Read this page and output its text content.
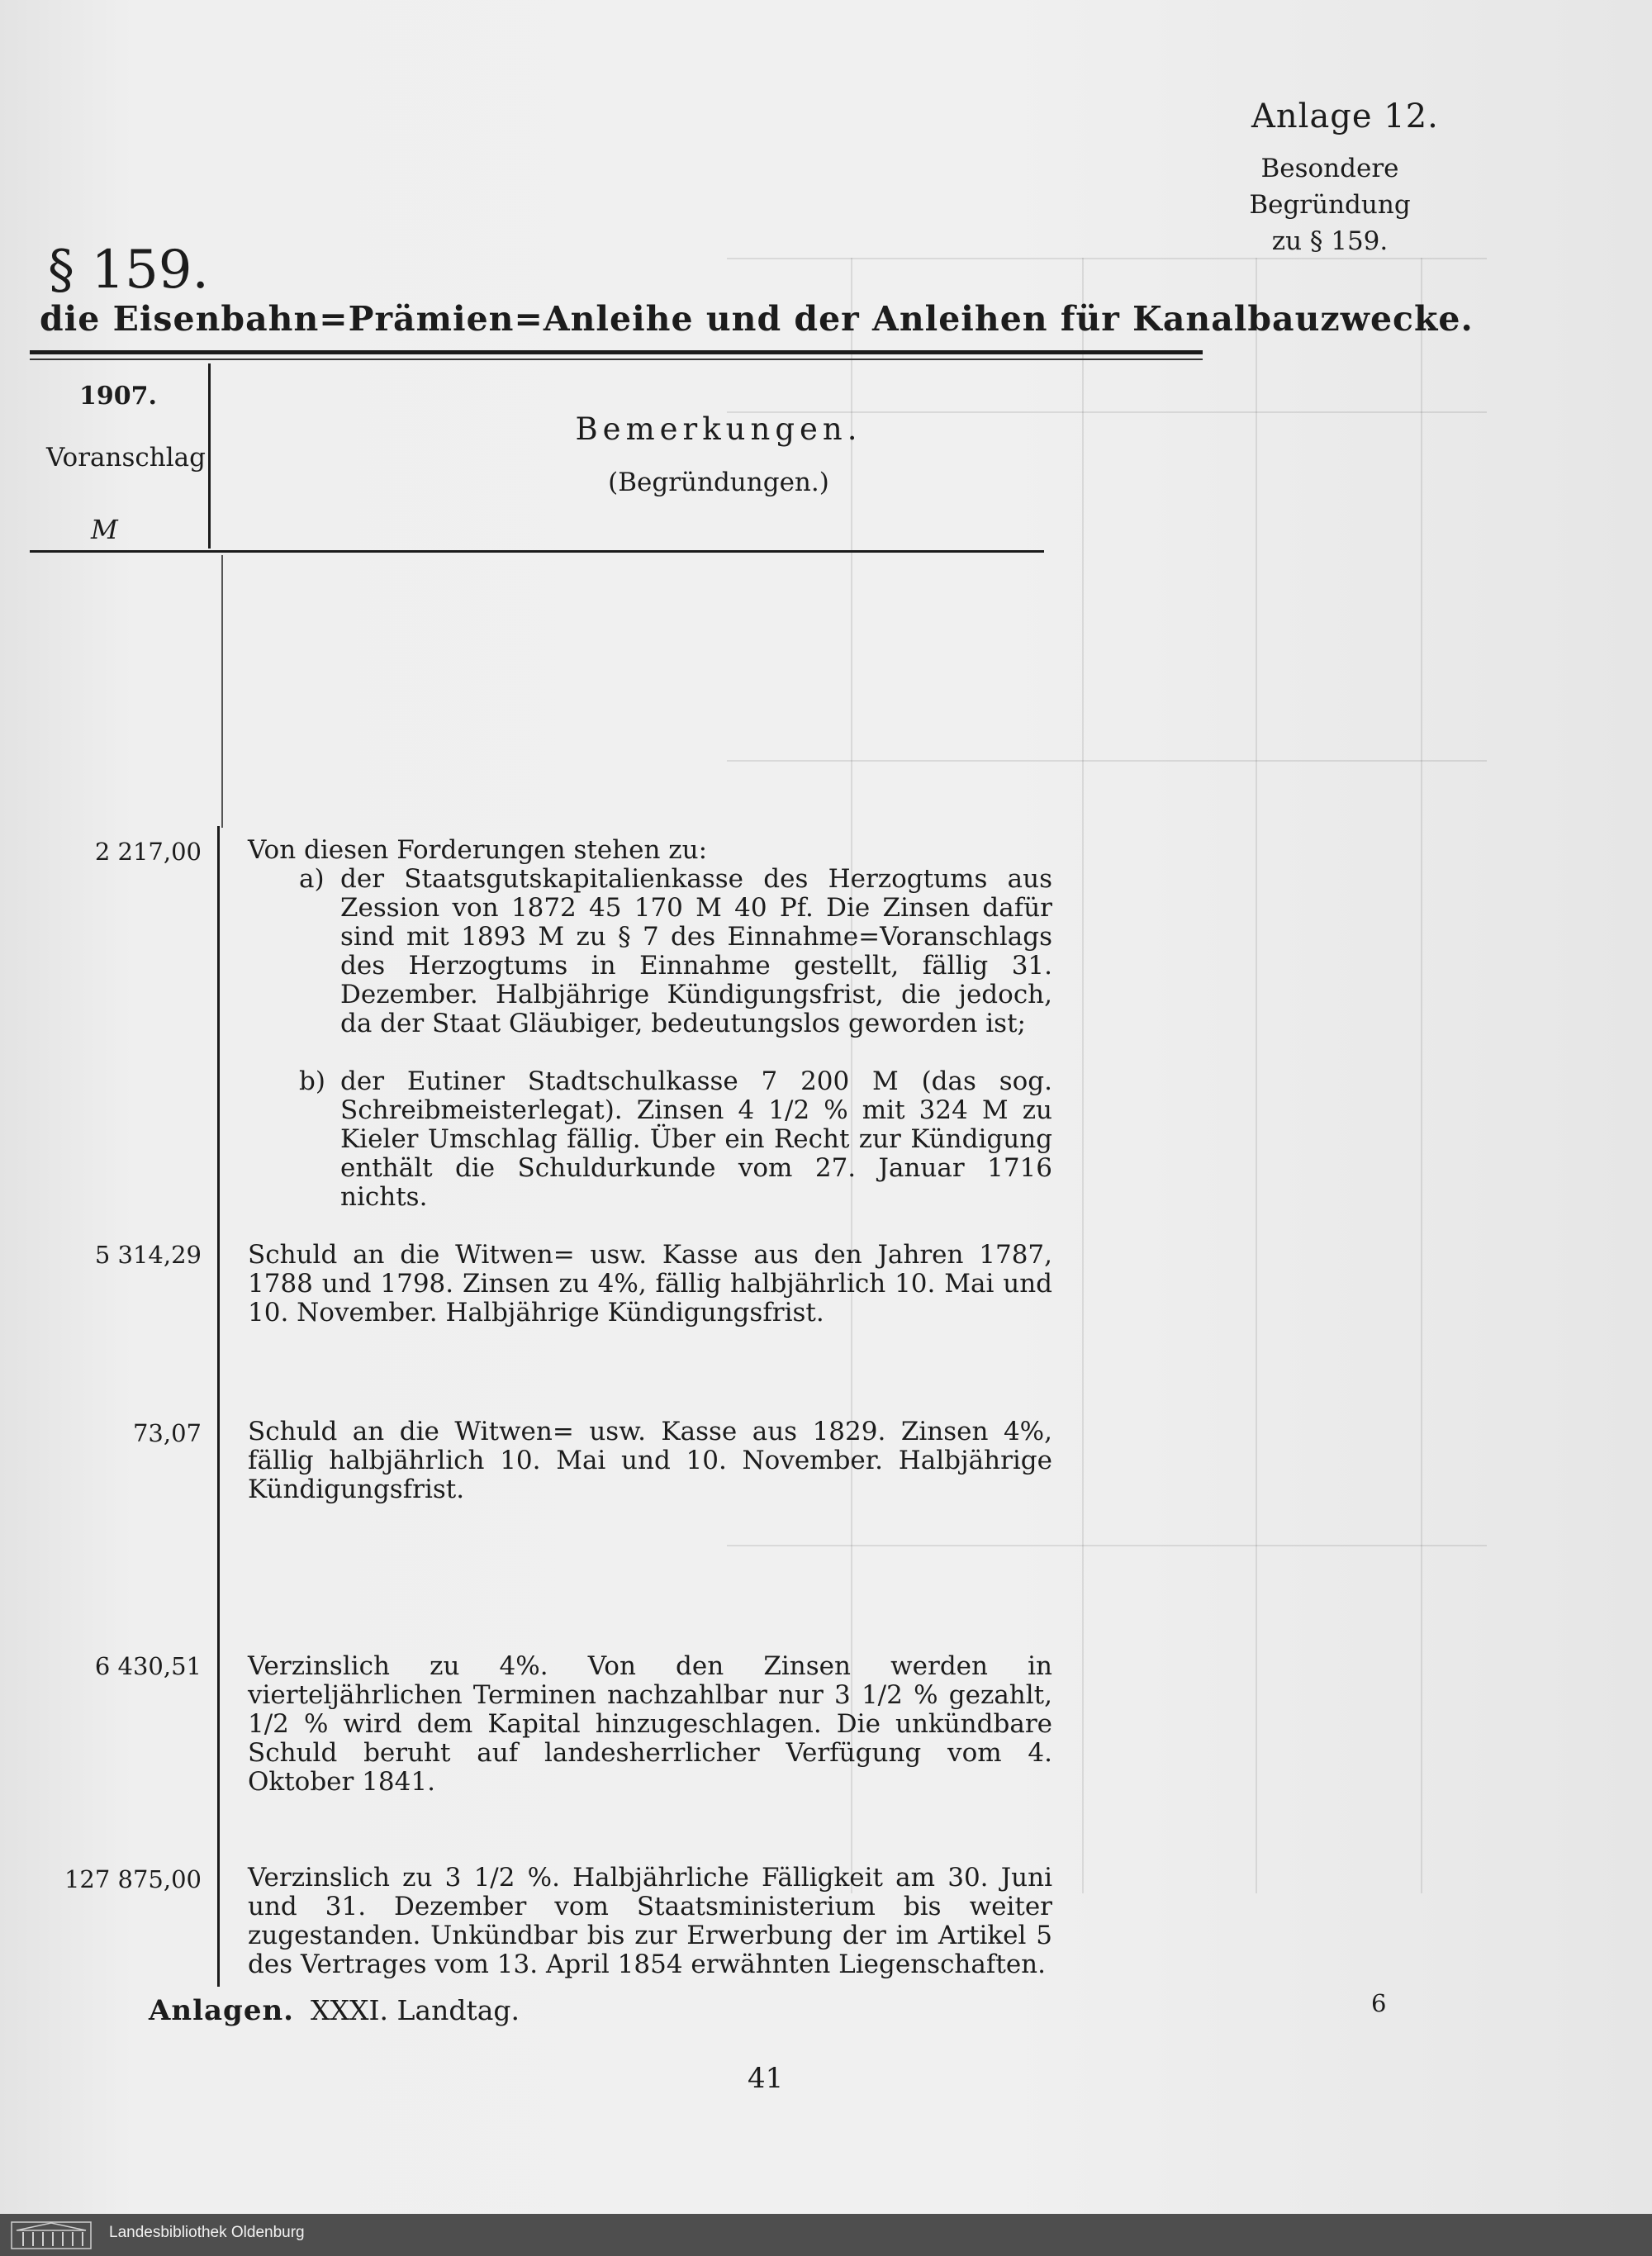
Anlage 12.
Besondere Begründung
zu § 159.
§ 159.
die Eisenbahn=Prämien=Anleihe und der Anleihen für Kanalbauzwecke.
1907.
Voranschlag
M
Bemerkungen.
(Begründungen.)
2 217,00 Von diesen Forderungen stehen zu:
a) der Staatsgutskapitalienkasse des Herzogtums aus Zession von 1872 45 170 M 40 Pf. Die Zinsen dafür sind mit 1893 M zu § 7 des Einnahme=Voranschlags des Herzogtums in Einnahme gestellt, fällig 31. Dezember. Halbjährige Kündigungsfrist, die jedoch, da der Staat Gläubiger, bedeutungslos geworden ist;
b) der Eutiner Stadtschulkasse 7 200 M (das sog. Schreibmeisterlegat). Zinsen 4 1/2 % mit 324 M zu Kieler Umschlag fällig. Über ein Recht zur Kündigung enthält die Schuldurkunde vom 27. Januar 1716 nichts.
5 314,29 Schuld an die Witwen= usw. Kasse aus den Jahren 1787, 1788 und 1798. Zinsen zu 4%, fällig halbjährlich 10. Mai und 10. November. Halbjährige Kündigungsfrist.
73,07 Schuld an die Witwen= usw. Kasse aus 1829. Zinsen 4%, fällig halbjährlich 10. Mai und 10. November. Halbjährige Kündigungsfrist.
6 430,51 Verzinslich zu 4%. Von den Zinsen werden in vierteljährlichen Terminen nachzahlbar nur 3 1/2 % gezahlt, 1/2 % wird dem Kapital hinzugeschlagen. Die unkündbare Schuld beruht auf landesherrlicher Verfügung vom 4. Oktober 1841.
127 875,00 Verzinslich zu 3 1/2 %. Halbjährliche Fälligkeit am 30. Juni und 31. Dezember vom Staatsministerium bis weiter zugestanden. Unkündbar bis zur Erwerbung der im Artikel 5 des Vertrages vom 13. April 1854 erwähnten Liegenschaften.
Anlagen. XXXI. Landtag.	6
41
Landesbibliothek Oldenburg
